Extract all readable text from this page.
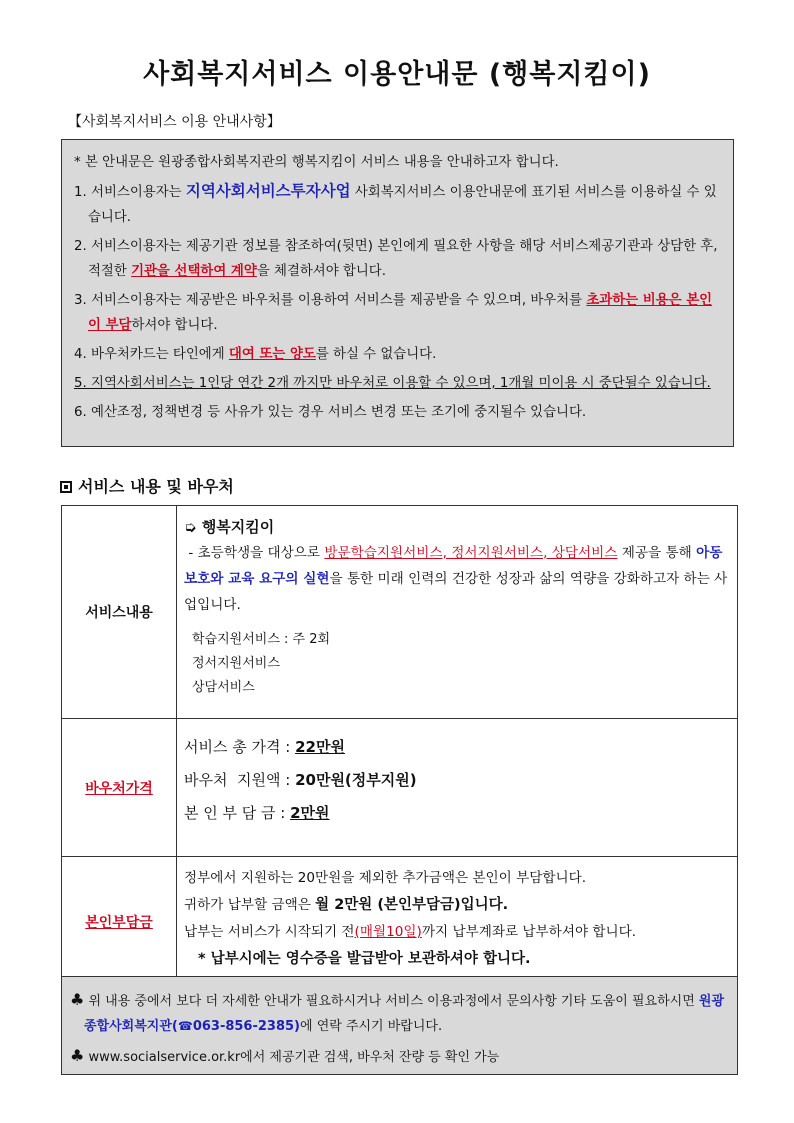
사회복지서비스 이용안내문 (행복지킴이)
【사회복지서비스 이용 안내사항】

* 본 안내문은 원광종합사회복지관의 행복지킴이 서비스 내용을 안내하고자 합니다.

1. 서비스이용자는 지역사회서비스투자사업 사회복지서비스 이용안내문에 표기된 서비스를 이용하실 수 있습니다.

2. 서비스이용자는 제공기관 정보를 참조하여(뒷면) 본인에게 필요한 사항을 해당 서비스제공기관과 상담한 후, 적절한 기관을 선택하여 계약을 체결하셔야 합니다.

3. 서비스이용자는 제공받은 바우처를 이용하여 서비스를 제공받을 수 있으며, 바우처를 초과하는 비용은 본인이 부담하셔야 합니다.

4. 바우처카드는 타인에게 대여 또는 양도를 하실 수 없습니다.

5. 지역사회서비스는 1인당 연간 2개 까지만 바우처로 이용할 수 있으며, 1개월 미이용 시 중단될수 있습니다.

6. 예산조정, 정책변경 등 사유가 있는 경우 서비스 변경 또는 조기에 중지될수 있습니다.

서비스 내용 및 바우처
서비스내용	➭ 행복지킴이
- 초등학생을 대상으로 방문학습지원서비스, 정서지원서비스, 상담서비스 제공을 통해 아동 보호와 교육 요구의 실현을 통한 미래 인력의 건강한 성장과 삶의 역량을 강화하고자 하는 사업입니다.
학습지원서비스 : 주 2회
정서지원서비스
상담서비스

바우처가격	서비스 총 가격 : 22만원
바우처  지원액 : 20만원(정부지원)
본 인 부 담 금 : 2만원

본인부담금	정부에서 지원하는 20만원을 제외한 추가금액은 본인이 부담합니다.
귀하가 납부할 금액은 월 2만원 (본인부담금)입니다.
납부는 서비스가 시작되기 전(매월10일)까지 납부계좌로 납부하셔야 합니다.
* 납부시에는 영수증을 발급받아 보관하셔야 합니다.

♣ 위 내용 중에서 보다 더 자세한 안내가 필요하시거나 서비스 이용과정에서 문의사항 기타 도움이 필요하시면 원광종합사회복지관(☎063-856-2385)에 연락 주시기 바랍니다.

♣ www.socialservice.or.kr에서 제공기관 검색, 바우처 잔량 등 확인 가능
